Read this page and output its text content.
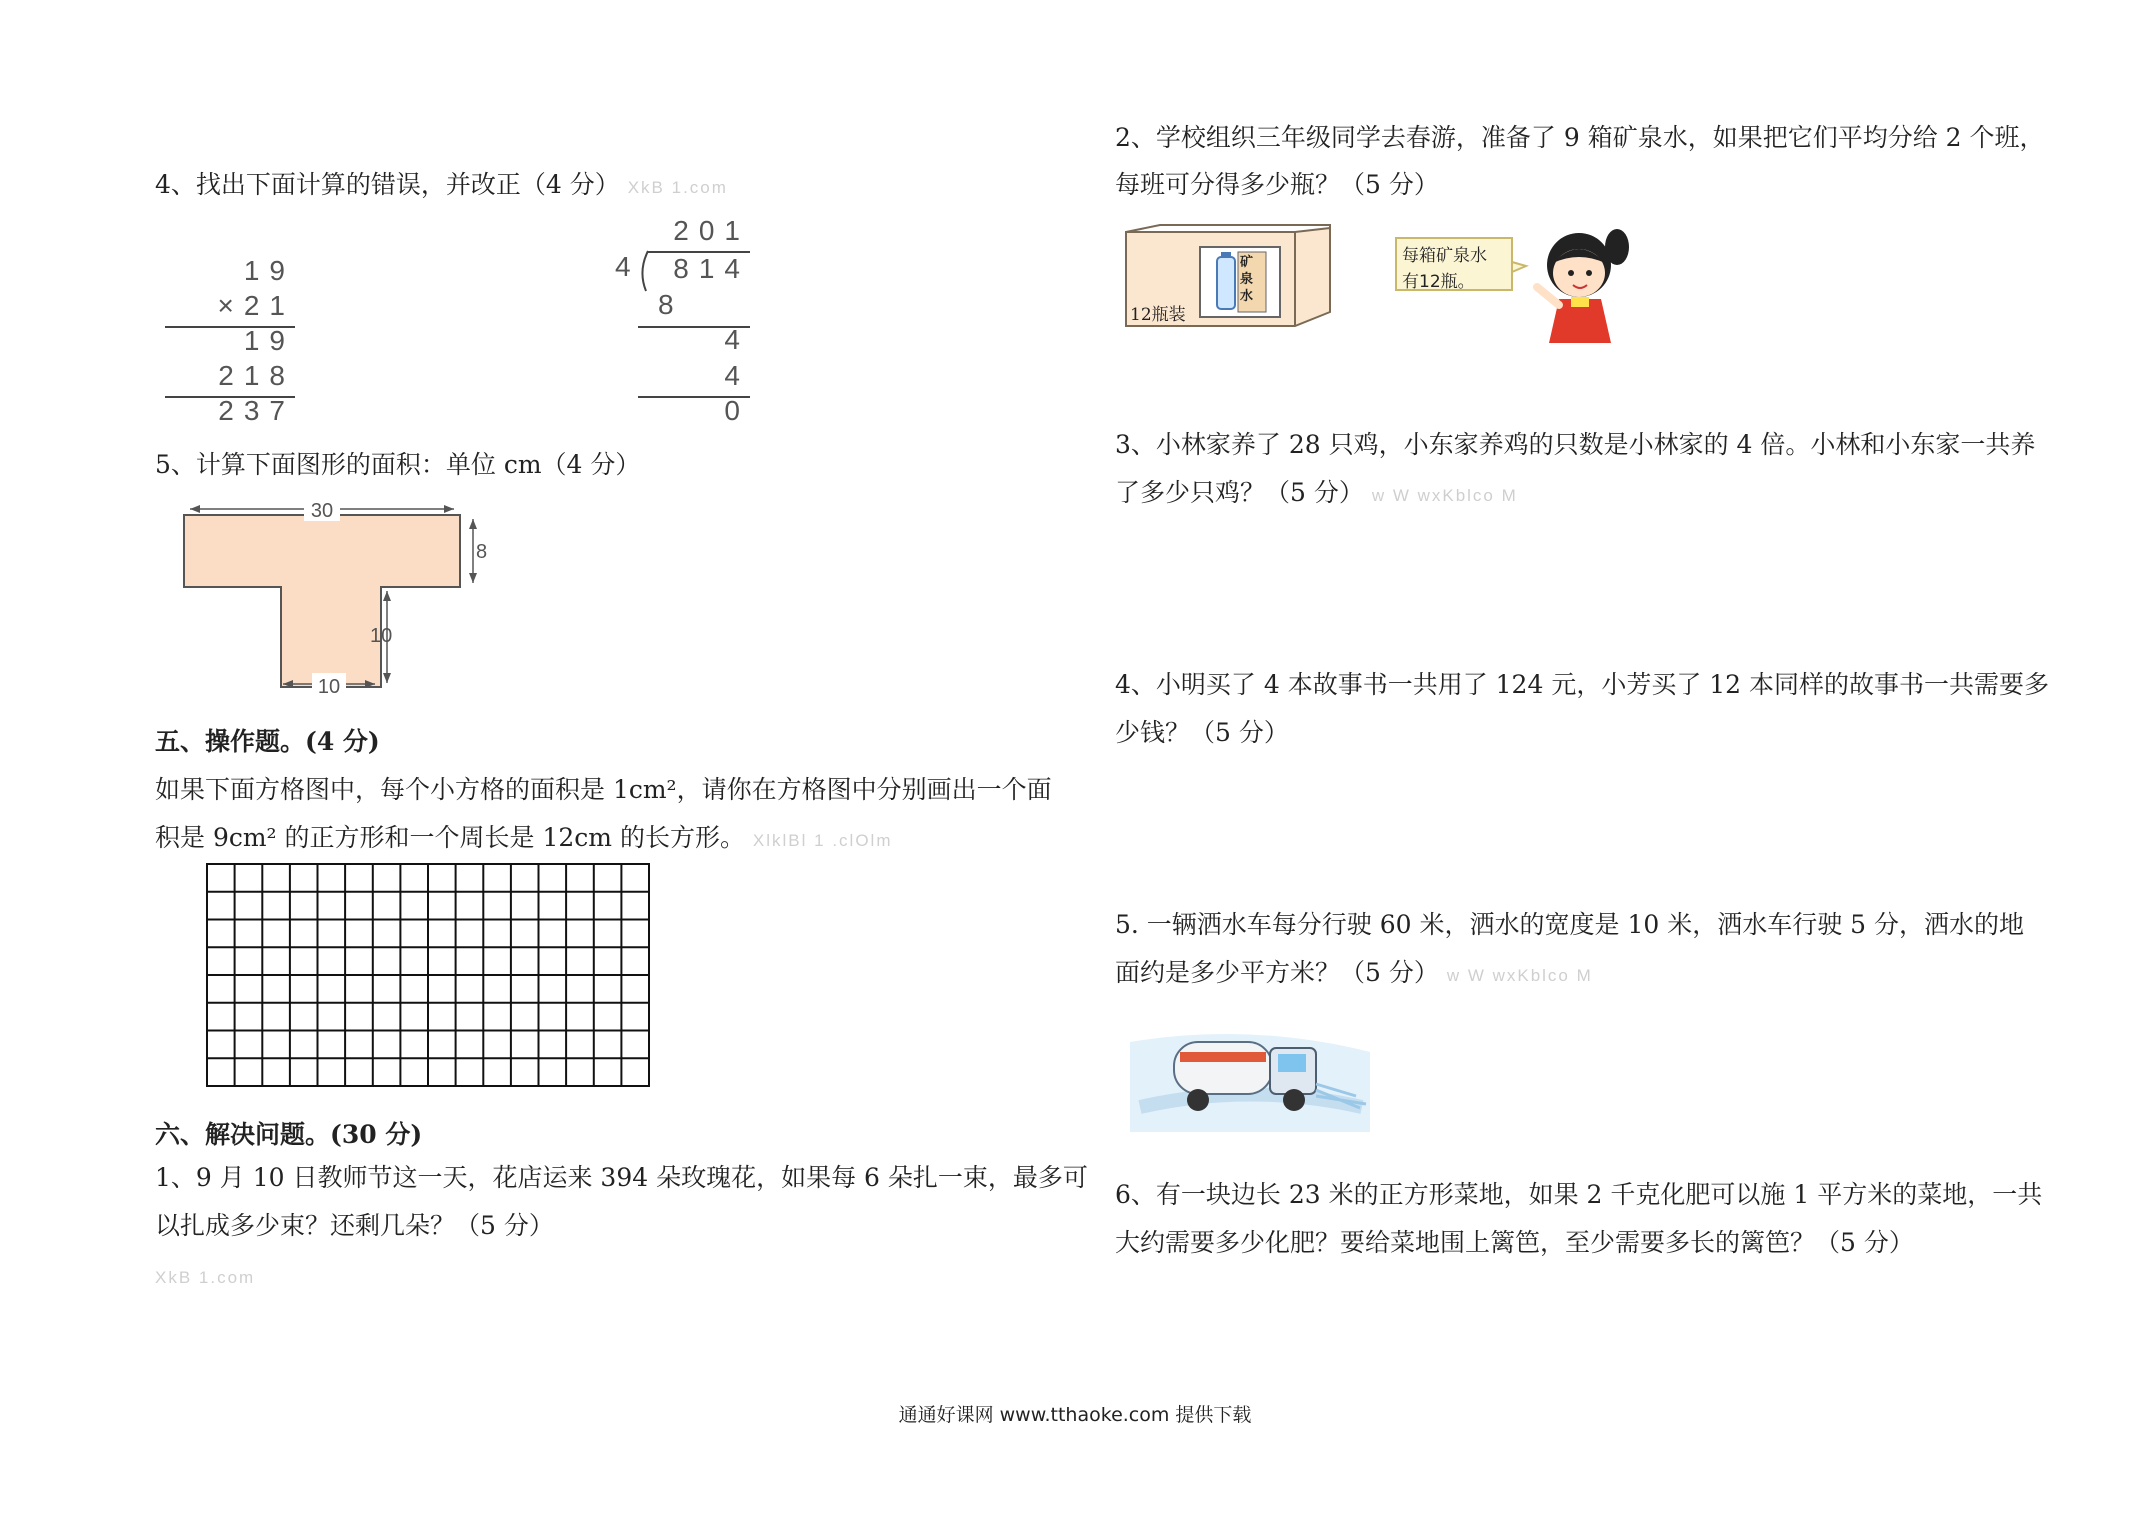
4、找出下面计算的错误，并改正（4 分） XkB 1.com
19
×21
19
218
237
201
4 814
8
4
4
0
5、计算下面图形的面积：单位 cm（4 分）
30
8
10
10
五、操作题。(4 分)
如果下面方格图中，每个小方格的面积是 1cm²，请你在方格图中分别画出一个面
积是 9cm² 的正方形和一个周长是 12cm 的长方形。 XlklBl 1 .clOlm
六、解决问题。(30 分)
1、9 月 10 日教师节这一天，花店运来 394 朵玫瑰花，如果每 6 朵扎一束，最多可
以扎成多少束？还剩几朵？（5 分）
XkB 1.com
2、学校组织三年级同学去春游，准备了 9 箱矿泉水，如果把它们平均分给 2 个班，
每班可分得多少瓶？（5 分）
矿泉水
12瓶装
每箱矿泉水
有12瓶。
3、小林家养了 28 只鸡，小东家养鸡的只数是小林家的 4 倍。小林和小东家一共养
了多少只鸡？（5 分） w W wxKblco M
4、小明买了 4 本故事书一共用了 124 元，小芳买了 12 本同样的故事书一共需要多
少钱？（5 分）
5. 一辆洒水车每分行驶 60 米，洒水的宽度是 10 米，洒水车行驶 5 分，洒水的地
面约是多少平方米？（5 分） w W wxKblco M
6、有一块边长 23 米的正方形菜地，如果 2 千克化肥可以施 1 平方米的菜地，一共
大约需要多少化肥？要给菜地围上篱笆，至少需要多长的篱笆？（5 分）
通通好课网 www.tthaoke.com 提供下载
